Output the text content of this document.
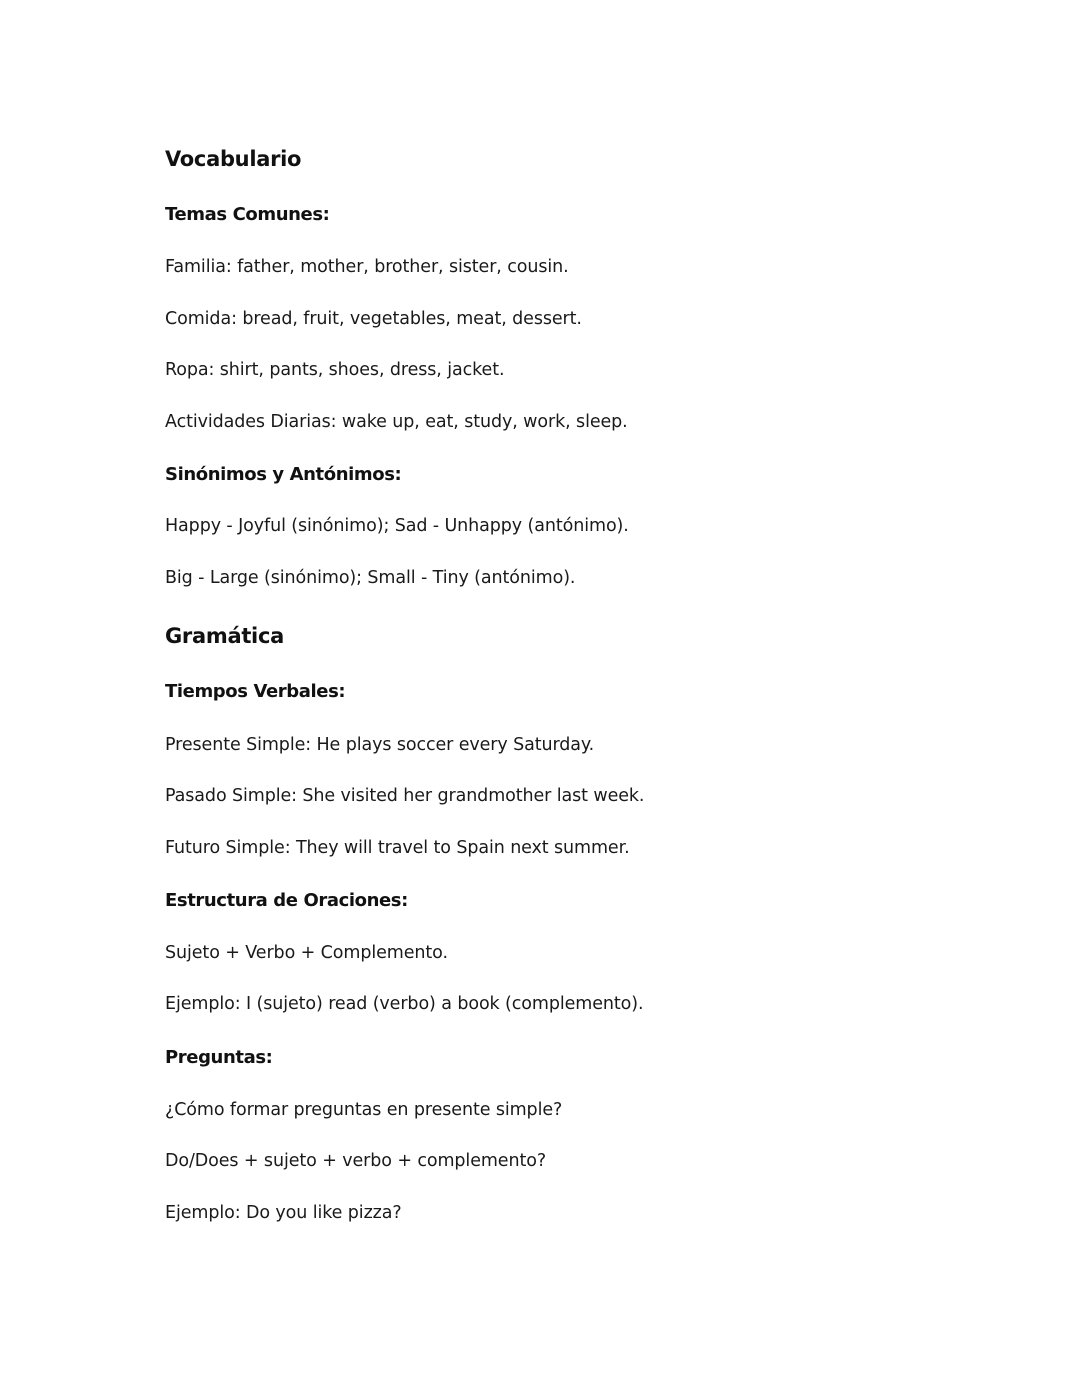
Vocabulario
Temas Comunes:
Familia: father, mother, brother, sister, cousin.
Comida: bread, fruit, vegetables, meat, dessert.
Ropa: shirt, pants, shoes, dress, jacket.
Actividades Diarias: wake up, eat, study, work, sleep.
Sinónimos y Antónimos:
Happy - Joyful (sinónimo); Sad - Unhappy (antónimo).
Big - Large (sinónimo); Small - Tiny (antónimo).
Gramática
Tiempos Verbales:
Presente Simple: He plays soccer every Saturday.
Pasado Simple: She visited her grandmother last week.
Futuro Simple: They will travel to Spain next summer.
Estructura de Oraciones:
Sujeto + Verbo + Complemento.
Ejemplo: I (sujeto) read (verbo) a book (complemento).
Preguntas:
¿Cómo formar preguntas en presente simple?
Do/Does + sujeto + verbo + complemento?
Ejemplo: Do you like pizza?
